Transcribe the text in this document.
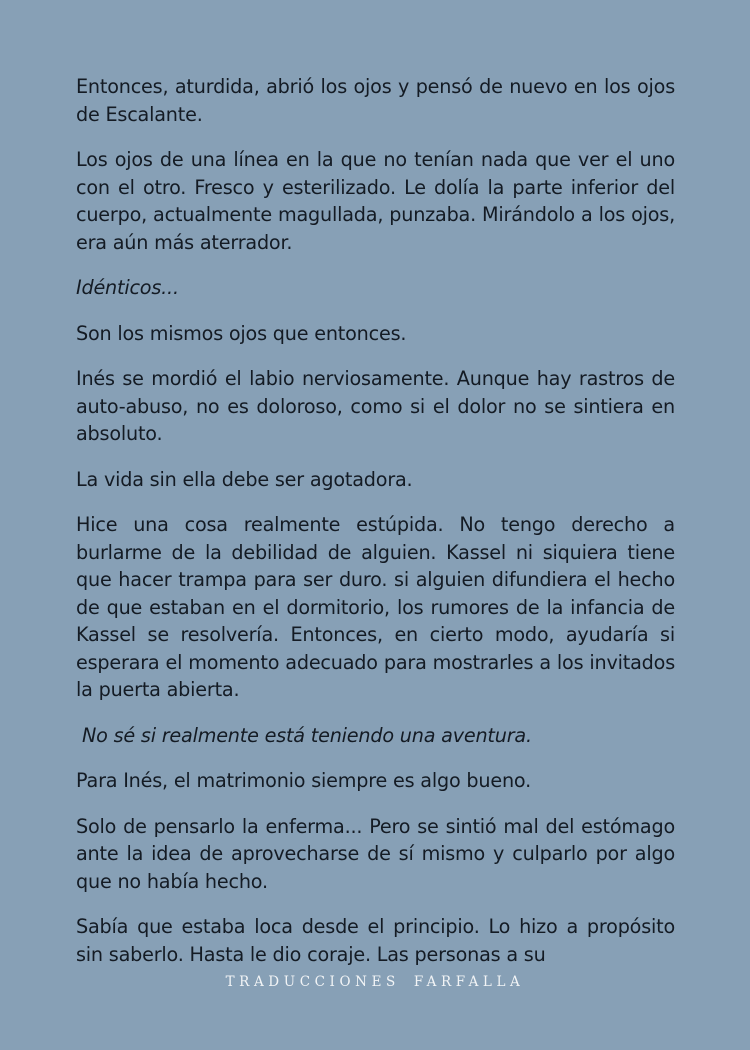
Entonces, aturdida, abrió los ojos y pensó de nuevo en los ojos de Escalante.

Los ojos de una línea en la que no tenían nada que ver el uno con el otro. Fresco y esterilizado. Le dolía la parte inferior del cuerpo, actualmente magullada, punzaba. Mirándolo a los ojos, era aún más aterrador.

Idénticos...

Son los mismos ojos que entonces.

Inés se mordió el labio nerviosamente. Aunque hay rastros de auto-abuso, no es doloroso, como si el dolor no se sintiera en absoluto.

La vida sin ella debe ser agotadora.

Hice una cosa realmente estúpida. No tengo derecho a burlarme de la debilidad de alguien. Kassel ni siquiera tiene que hacer trampa para ser duro. si alguien difundiera el hecho de que estaban en el dormitorio, los rumores de la infancia de Kassel se resolvería. Entonces, en cierto modo, ayudaría si esperara el momento adecuado para mostrarles a los invitados la puerta abierta.

No sé si realmente está teniendo una aventura.

Para Inés, el matrimonio siempre es algo bueno.

Solo de pensarlo la enferma... Pero se sintió mal del estómago ante la idea de aprovecharse de sí mismo y culparlo por algo que no había hecho.

Sabía que estaba loca desde el principio. Lo hizo a propósito sin saberlo. Hasta le dio coraje. Las personas a su

TRADUCCIONES FARFALLA
